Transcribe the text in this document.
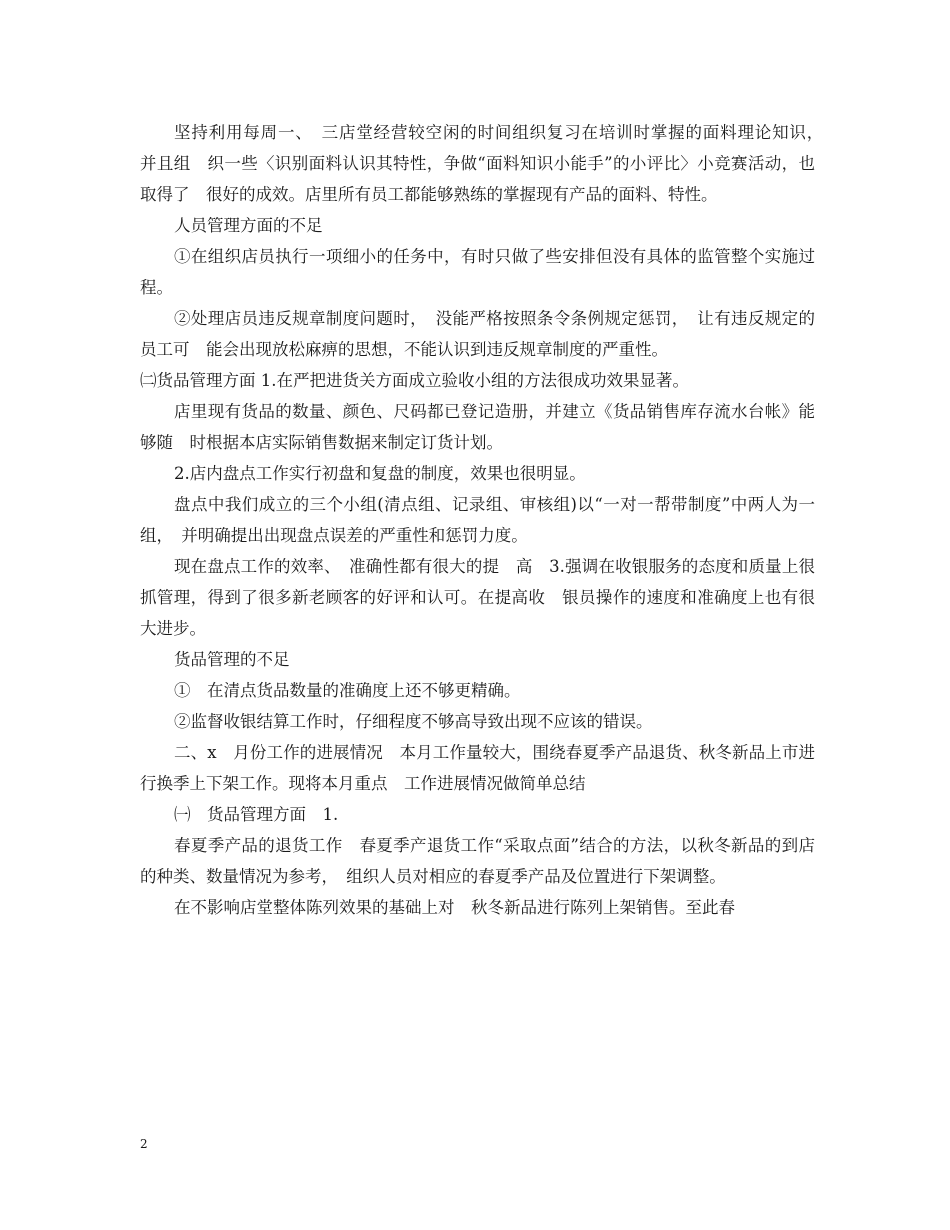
坚持利用每周一、　三店堂经营较空闲的时间组织复习在培训时掌握的面料理论知识，　并且组　织一些〈识别面料认识其特性，争做“面料知识小能手”的小评比〉小竞赛活动，也取得了　很好的成效。店里所有员工都能够熟练的掌握现有产品的面料、特性。

人员管理方面的不足

①在组织店员执行一项细小的任务中，有时只做了些安排但没有具体的监管整个实施过程。

②处理店员违反规章制度问题时，　没能严格按照条令条例规定惩罚，　让有违反规定的员工可　能会出现放松麻痹的思想，不能认识到违反规章制度的严重性。

㈡货品管理方面 1.在严把进货关方面成立验收小组的方法很成功效果显著。

店里现有货品的数量、颜色、尺码都已登记造册，并建立《货品销售库存流水台帐》能够随　时根据本店实际销售数据来制定订货计划。

2.店内盘点工作实行初盘和复盘的制度，效果也很明显。

盘点中我们成立的三个小组(清点组、记录组、审核组)以“一对一帮带制度”中两人为一组，　并明确提出出现盘点误差的严重性和惩罚力度。

现在盘点工作的效率、　准确性都有很大的提　高　3.强调在收银服务的态度和质量上很抓管理，得到了很多新老顾客的好评和认可。在提高收　银员操作的速度和准确度上也有很大进步。

货品管理的不足

①　在清点货品数量的准确度上还不够更精确。

②监督收银结算工作时，仔细程度不够高导致出现不应该的错误。

二、x　月份工作的进展情况　本月工作量较大，围绕春夏季产品退货、秋冬新品上市进行换季上下架工作。现将本月重点　工作进展情况做简单总结

㈠　货品管理方面　1.

春夏季产品的退货工作　春夏季产退货工作“采取点面”结合的方法，以秋冬新品的到店的种类、数量情况为参考，　组织人员对相应的春夏季产品及位置进行下架调整。

在不影响店堂整体陈列效果的基础上对　秋冬新品进行陈列上架销售。至此春

2
